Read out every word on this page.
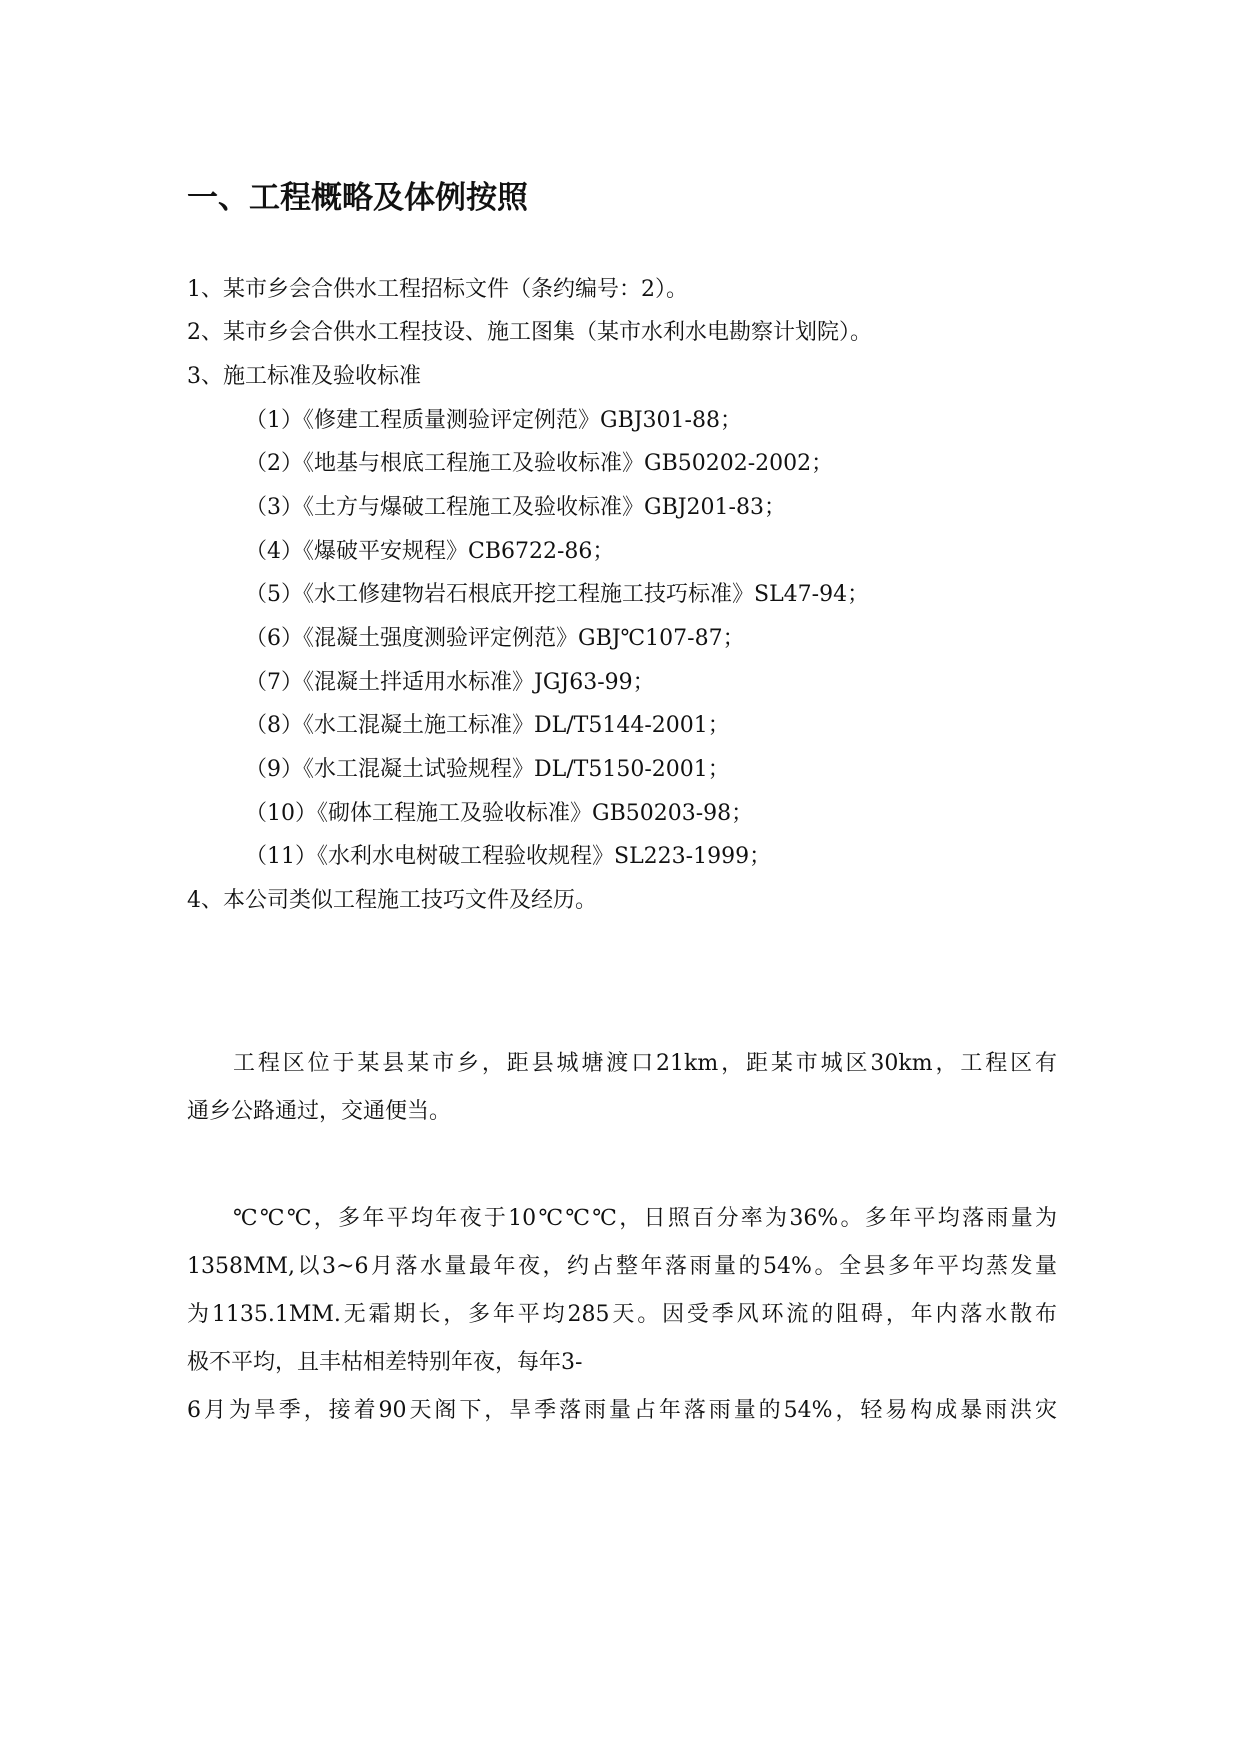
一、工程概略及体例按照
1、某市乡会合供水工程招标文件（条约编号：2）。
2、某市乡会合供水工程技设、施工图集（某市水利水电勘察计划院）。
3、施工标准及验收标准
（1）《修建工程质量测验评定例范》GBJ301-88；
（2）《地基与根底工程施工及验收标准》GB50202-2002；
（3）《土方与爆破工程施工及验收标准》GBJ201-83；
（4）《爆破平安规程》CB6722-86；
（5）《水工修建物岩石根底开挖工程施工技巧标准》SL47-94；
（6）《混凝土强度测验评定例范》GBJ℃107-87；
（7）《混凝土拌适用水标准》JGJ63-99；
（8）《水工混凝土施工标准》DL/T5144-2001；
（9）《水工混凝土试验规程》DL/T5150-2001；
（10）《砌体工程施工及验收标准》GB50203-98；
（11）《水利水电树破工程验收规程》SL223-1999；
4、本公司类似工程施工技巧文件及经历。
工程区位于某县某市乡，距县城塘渡口21km，距某市城区30km，工程区有
通乡公路通过，交通便当。
℃℃℃，多年平均年夜于10℃℃℃，日照百分率为36%。多年平均落雨量为
1358MM,以3~6月落水量最年夜，约占整年落雨量的54%。全县多年平均蒸发量
为1135.1MM.无霜期长，多年平均285天。因受季风环流的阻碍，年内落水散布
极不平均，且丰枯相差特别年夜，每年3-
6月为旱季，接着90天阁下，旱季落雨量占年落雨量的54%，轻易构成暴雨洪灾
